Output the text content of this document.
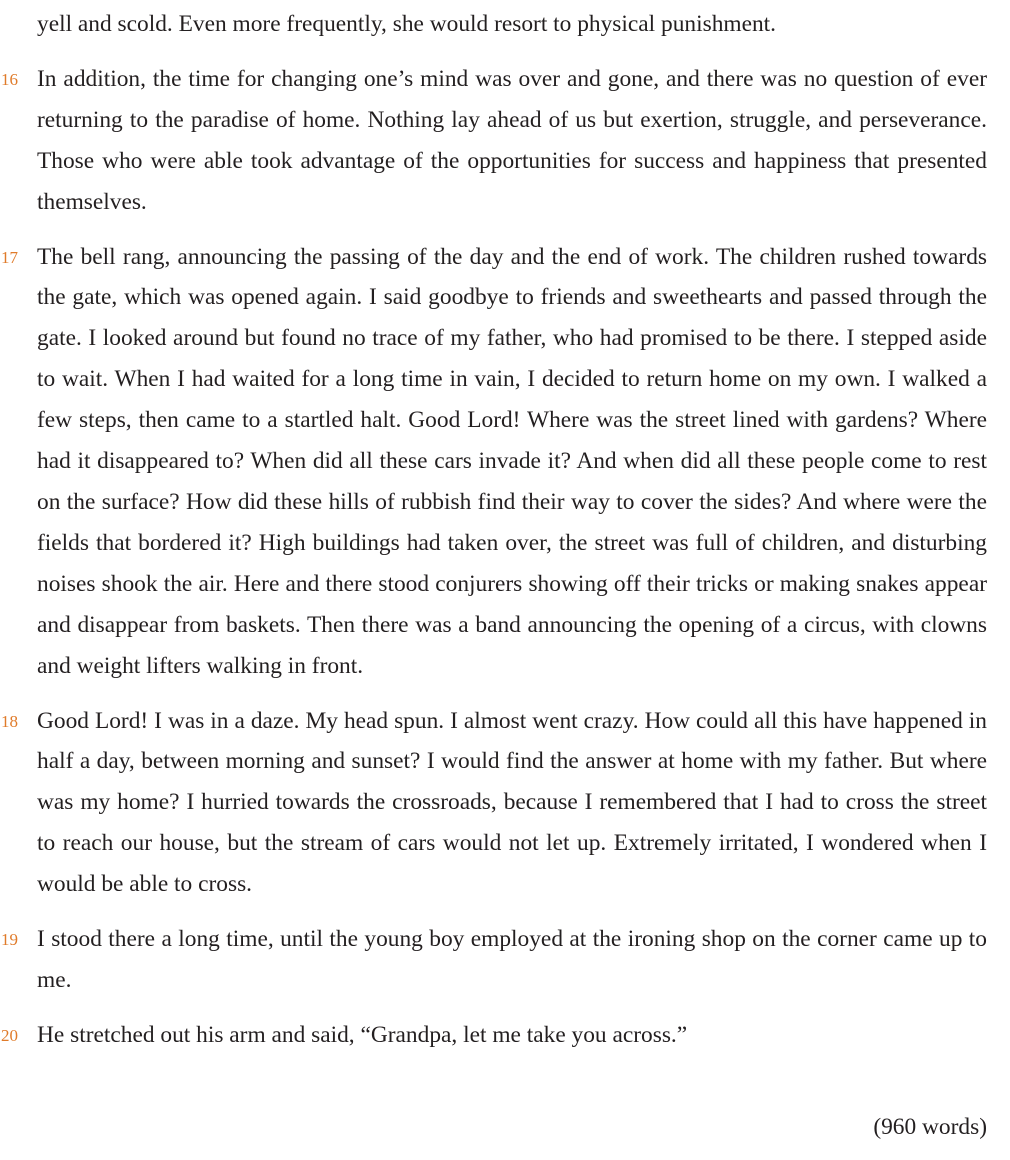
yell and scold. Even more frequently, she would resort to physical punishment.
16 In addition, the time for changing one’s mind was over and gone, and there was no question of ever returning to the paradise of home. Nothing lay ahead of us but exertion, struggle, and perseverance. Those who were able took advantage of the opportunities for success and happiness that presented themselves.
17 The bell rang, announcing the passing of the day and the end of work. The children rushed towards the gate, which was opened again. I said goodbye to friends and sweethearts and passed through the gate. I looked around but found no trace of my father, who had promised to be there. I stepped aside to wait. When I had waited for a long time in vain, I decided to return home on my own. I walked a few steps, then came to a startled halt. Good Lord! Where was the street lined with gardens? Where had it disappeared to? When did all these cars invade it? And when did all these people come to rest on the surface? How did these hills of rubbish find their way to cover the sides? And where were the fields that bordered it? High buildings had taken over, the street was full of children, and disturbing noises shook the air. Here and there stood conjurers showing off their tricks or making snakes appear and disappear from baskets. Then there was a band announcing the opening of a circus, with clowns and weight lifters walking in front.
18 Good Lord! I was in a daze. My head spun. I almost went crazy. How could all this have happened in half a day, between morning and sunset? I would find the answer at home with my father. But where was my home? I hurried towards the crossroads, because I remembered that I had to cross the street to reach our house, but the stream of cars would not let up. Extremely irritated, I wondered when I would be able to cross.
19 I stood there a long time, until the young boy employed at the ironing shop on the corner came up to me.
20 He stretched out his arm and said, “Grandpa, let me take you across.”
(960 words)
